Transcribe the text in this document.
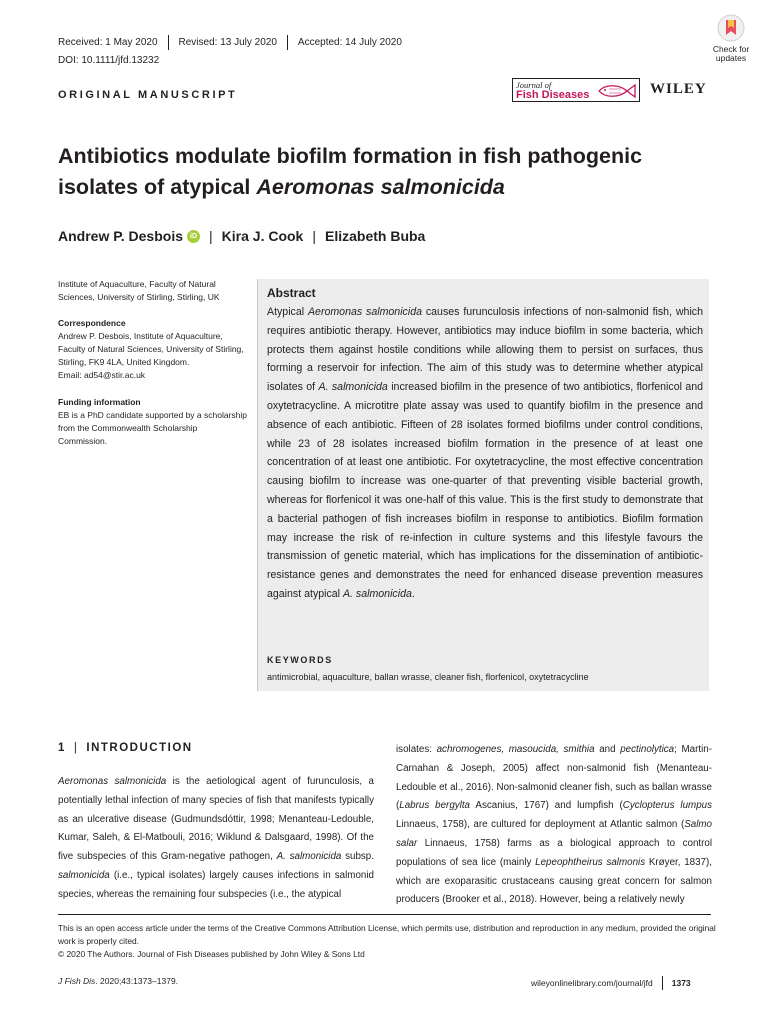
Received: 1 May 2020 Revised: 13 July 2020 Accepted: 14 July 2020
DOI: 10.1111/jfd.13232
Check for updates
ORIGINAL MANUSCRIPT
Journal of
Fish Diseases	WILEY
Antibiotics modulate biofilm formation in fish pathogenic isolates of atypical Aeromonas salmonicida
Andrew P. Desbois	iD | Kira J. Cook | Elizabeth Buba
Institute of Aquaculture, Faculty of Natural Sciences, University of Stirling, Stirling, UK
Correspondence
Andrew P. Desbois, Institute of Aquaculture, Faculty of Natural Sciences, University of Stirling, Stirling, FK9 4LA, United Kingdom.
Email: ad54@stir.ac.uk
Funding information
EB is a PhD candidate supported by a scholarship from the Commonwealth Scholarship Commission.
Abstract
Atypical Aeromonas salmonicida causes furunculosis infections of non-salmonid fish, which requires antibiotic therapy. However, antibiotics may induce biofilm in some bacteria, which protects them against hostile conditions while allowing them to persist on surfaces, thus forming a reservoir for infection. The aim of this study was to determine whether atypical isolates of A. salmonicida increased biofilm in the presence of two antibiotics, florfenicol and oxytetracycline. A microtitre plate assay was used to quantify biofilm in the presence and absence of each antibiotic. Fifteen of 28 isolates formed biofilms under control conditions, while 23 of 28 isolates increased biofilm formation in the presence of at least one concentration of at least one antibiotic. For oxytetracycline, the most effective concentration causing biofilm to increase was one-quarter of that preventing visible bacterial growth, whereas for florfenicol it was one-half of this value. This is the first study to demonstrate that a bacterial pathogen of fish increases biofilm in response to antibiotics. Biofilm formation may increase the risk of re-infection in culture systems and this lifestyle favours the transmission of genetic material, which has implications for the dissemination of antibiotic-resistance genes and demonstrates the need for enhanced disease prevention measures against atypical A. salmonicida.
KEYWORDS
antimicrobial, aquaculture, ballan wrasse, cleaner fish, florfenicol, oxytetracycline
1 | INTRODUCTION
Aeromonas salmonicida is the aetiological agent of furunculosis, a potentially lethal infection of many species of fish that manifests typically as an ulcerative disease (Gudmundsdóttir, 1998; Menanteau-Ledouble, Kumar, Saleh, & El-Matbouli, 2016; Wiklund & Dalsgaard, 1998). Of the five subspecies of this Gram-negative pathogen, A. salmonicida subsp. salmonicida (i.e., typical isolates) largely causes infections in salmonid species, whereas the remaining four subspecies (i.e., the atypical
isolates: achromogenes, masoucida, smithia and pectinolytica; Martin-Carnahan & Joseph, 2005) affect non-salmonid fish (Menanteau-Ledouble et al., 2016). Non-salmonid cleaner fish, such as ballan wrasse (Labrus bergylta Ascanius, 1767) and lumpfish (Cyclopterus lumpus Linnaeus, 1758), are cultured for deployment at Atlantic salmon (Salmo salar Linnaeus, 1758) farms as a biological approach to control populations of sea lice (mainly Lepeophtheirus salmonis Krøyer, 1837), which are exoparasitic crustaceans causing great concern for salmon producers (Brooker et al., 2018). However, being a relatively newly
This is an open access article under the terms of the Creative Commons Attribution License, which permits use, distribution and reproduction in any medium, provided the original work is properly cited.
© 2020 The Authors. Journal of Fish Diseases published by John Wiley & Sons Ltd
J Fish Dis. 2020;43:1373–1379.	wileyonlinelibrary.com/journal/jfd 1373
